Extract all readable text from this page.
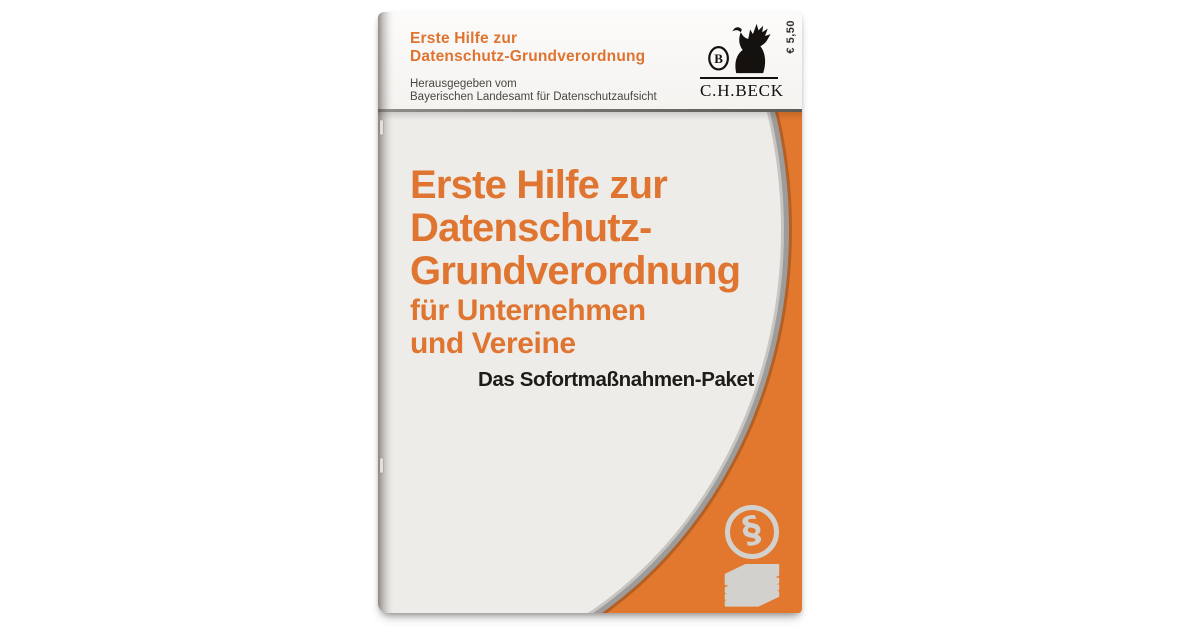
Erste Hilfe zur
Datenschutz-Grundverordnung
Herausgegeben vom
Bayerischen Landesamt für Datenschutzaufsicht
B
C.H.BECK
€ 5,50
Erste Hilfe zur
Datenschutz-
Grundverordnung
für Unternehmen
und Vereine
Das Sofortmaßnahmen-Paket
§
